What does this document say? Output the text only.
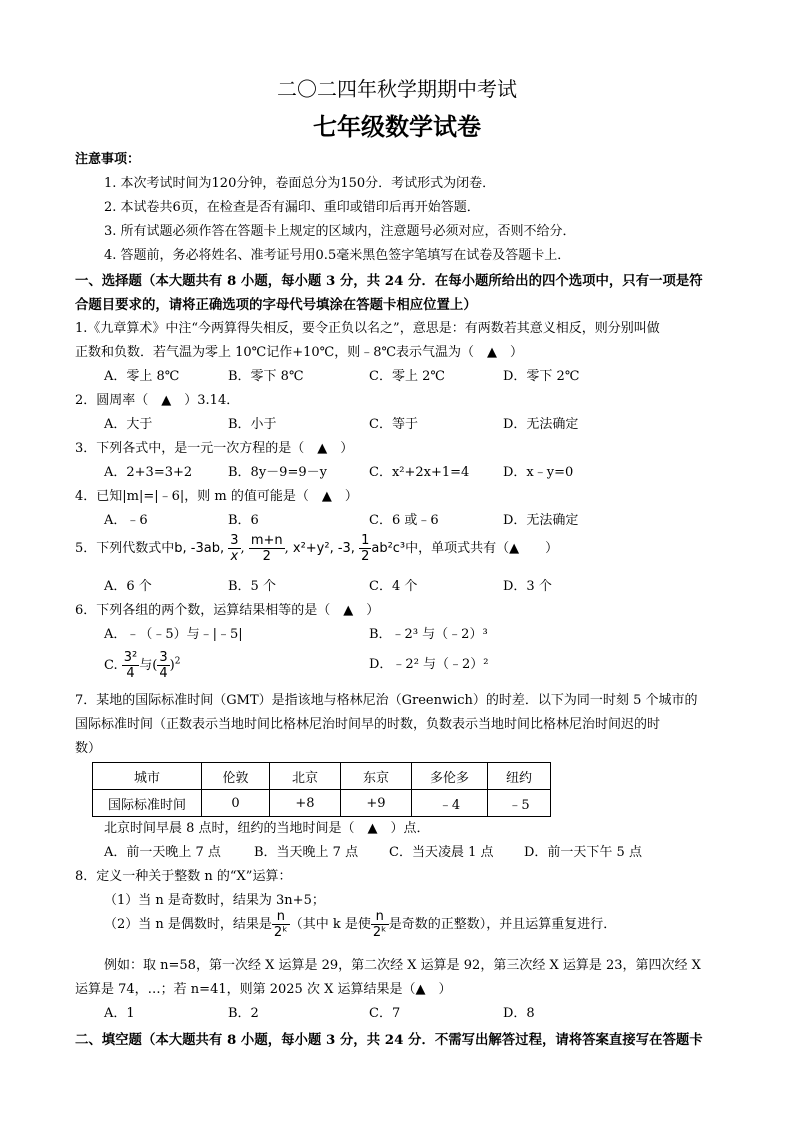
二〇二四年秋学期期中考试
七年级数学试卷
注意事项：
1. 本次考试时间为120分钟，卷面总分为150分．考试形式为闭卷．
2. 本试卷共6页，在检查是否有漏印、重印或错印后再开始答题．
3. 所有试题必须作答在答题卡上规定的区域内，注意题号必须对应，否则不给分．
4. 答题前，务必将姓名、准考证号用0.5毫米黑色签字笔填写在试卷及答题卡上．
一、选择题（本大题共有 8 小题，每小题 3 分，共 24 分．在每小题所给出的四个选项中，只有一项是符
合题目要求的，请将正确选项的字母代号填涂在答题卡相应位置上）
1.《九章算术》中注“今两算得失相反，要令正负以名之”，意思是：有两数若其意义相反，则分别叫做
正数和负数．若气温为零上 10℃记作+10℃，则﹣8℃表示气温为（　▲　）
A．零上 8℃	B．零下 8℃	C．零上 2℃	D．零下 2℃
2．圆周率（　▲　）3.14．
A．大于	B．小于	C．等于	D．无法确定
3．下列各式中，是一元一次方程的是（　▲　）
A．2+3=3+2	B．8y－9=9－y	C．x²+2x+1=4	D．x﹣y=0
4．已知|m|=|﹣6|，则 m 的值可能是（　▲　）
A．﹣6	B．6	C．6 或﹣6	D．无法确定
5．下列代数式中b, -3ab, $\frac{3}{x}$ , $\frac{m+n}{2}$ , x²+y², -3, $\frac{1}{2} ab^2c^3$中，单项式共有（▲　　）
A．6 个	B．5 个	C．4 个	D．3 个
6．下列各组的两个数，运算结果相等的是（　▲　）
A．﹣（﹣5）与﹣|﹣5|	B．﹣2³ 与（﹣2）³
C. $\frac{\text{3²}}{4}$ 与( $\frac{3}{4} )^2$	D．﹣2² 与（﹣2）²
7．某地的国际标准时间（GMT）是指该地与格林尼治（Greenwich）的时差．以下为同一时刻 5 个城市的
国际标准时间（正数表示当地时间比格林尼治时间早的时数，负数表示当地时间比格林尼治时间迟的时
数）
城市	伦敦	北京	东京	多伦多	纽约
国际标准时间	0	+8	+9	﹣4	﹣5
北京时间早晨 8 点时，纽约的当地时间是（　▲　）点．
A．前一天晚上 7 点	B．当天晚上 7 点 C．当天凌晨 1 点 D．前一天下午 5 点
8．定义一种关于整数 n 的“X”运算：
（1）当 n 是奇数时，结果为 3n+5；
（2）当 n 是偶数时，结果是 $\frac{n}{\text{2ᵏ}}$ （其中 k 是使 $\frac{n}{\text{2ᵏ}}$ 是奇数的正整数），并且运算重复进行．
例如：取 n=58，第一次经 X 运算是 29，第二次经 X 运算是 92，第三次经 X 运算是 23，第四次经 X
运算是 74，…；若 n=41，则第 2025 次 X 运算结果是（▲　）
A．1	B．2	C．7	D．8
二、填空题（本大题共有 8 小题，每小题 3 分，共 24 分．不需写出解答过程，请将答案直接写在答题卡
